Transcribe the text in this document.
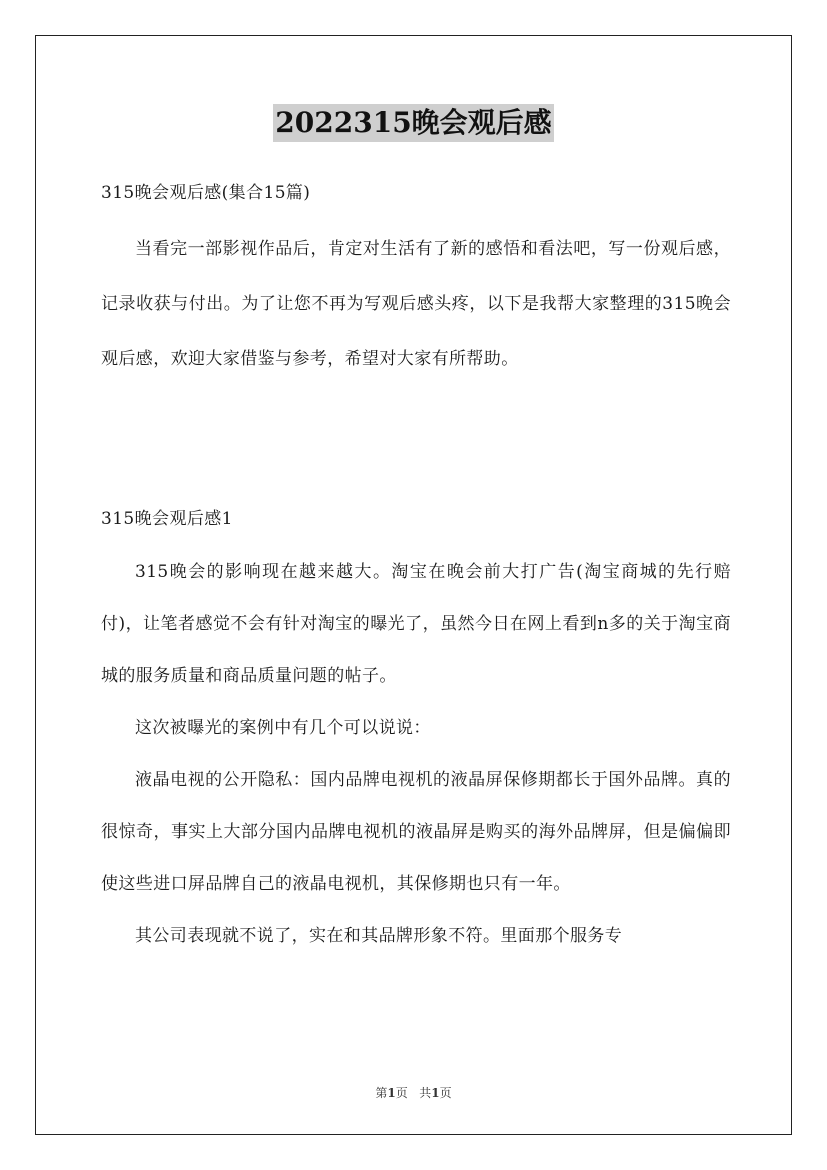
2022315晚会观后感
315晚会观后感(集合15篇)

当看完一部影视作品后，肯定对生活有了新的感悟和看法吧，写一份观后感，记录收获与付出。为了让您不再为写观后感头疼，以下是我帮大家整理的315晚会观后感，欢迎大家借鉴与参考，希望对大家有所帮助。

315晚会观后感1

315晚会的影响现在越来越大。淘宝在晚会前大打广告(淘宝商城的先行赔付)，让笔者感觉不会有针对淘宝的曝光了，虽然今日在网上看到n多的关于淘宝商城的服务质量和商品质量问题的帖子。

这次被曝光的案例中有几个可以说说：

液晶电视的公开隐私：国内品牌电视机的液晶屏保修期都长于国外品牌。真的很惊奇，事实上大部分国内品牌电视机的液晶屏是购买的海外品牌屏，但是偏偏即使这些进口屏品牌自己的液晶电视机，其保修期也只有一年。

其公司表现就不说了，实在和其品牌形象不符。里面那个服务专

第1页 共1页
